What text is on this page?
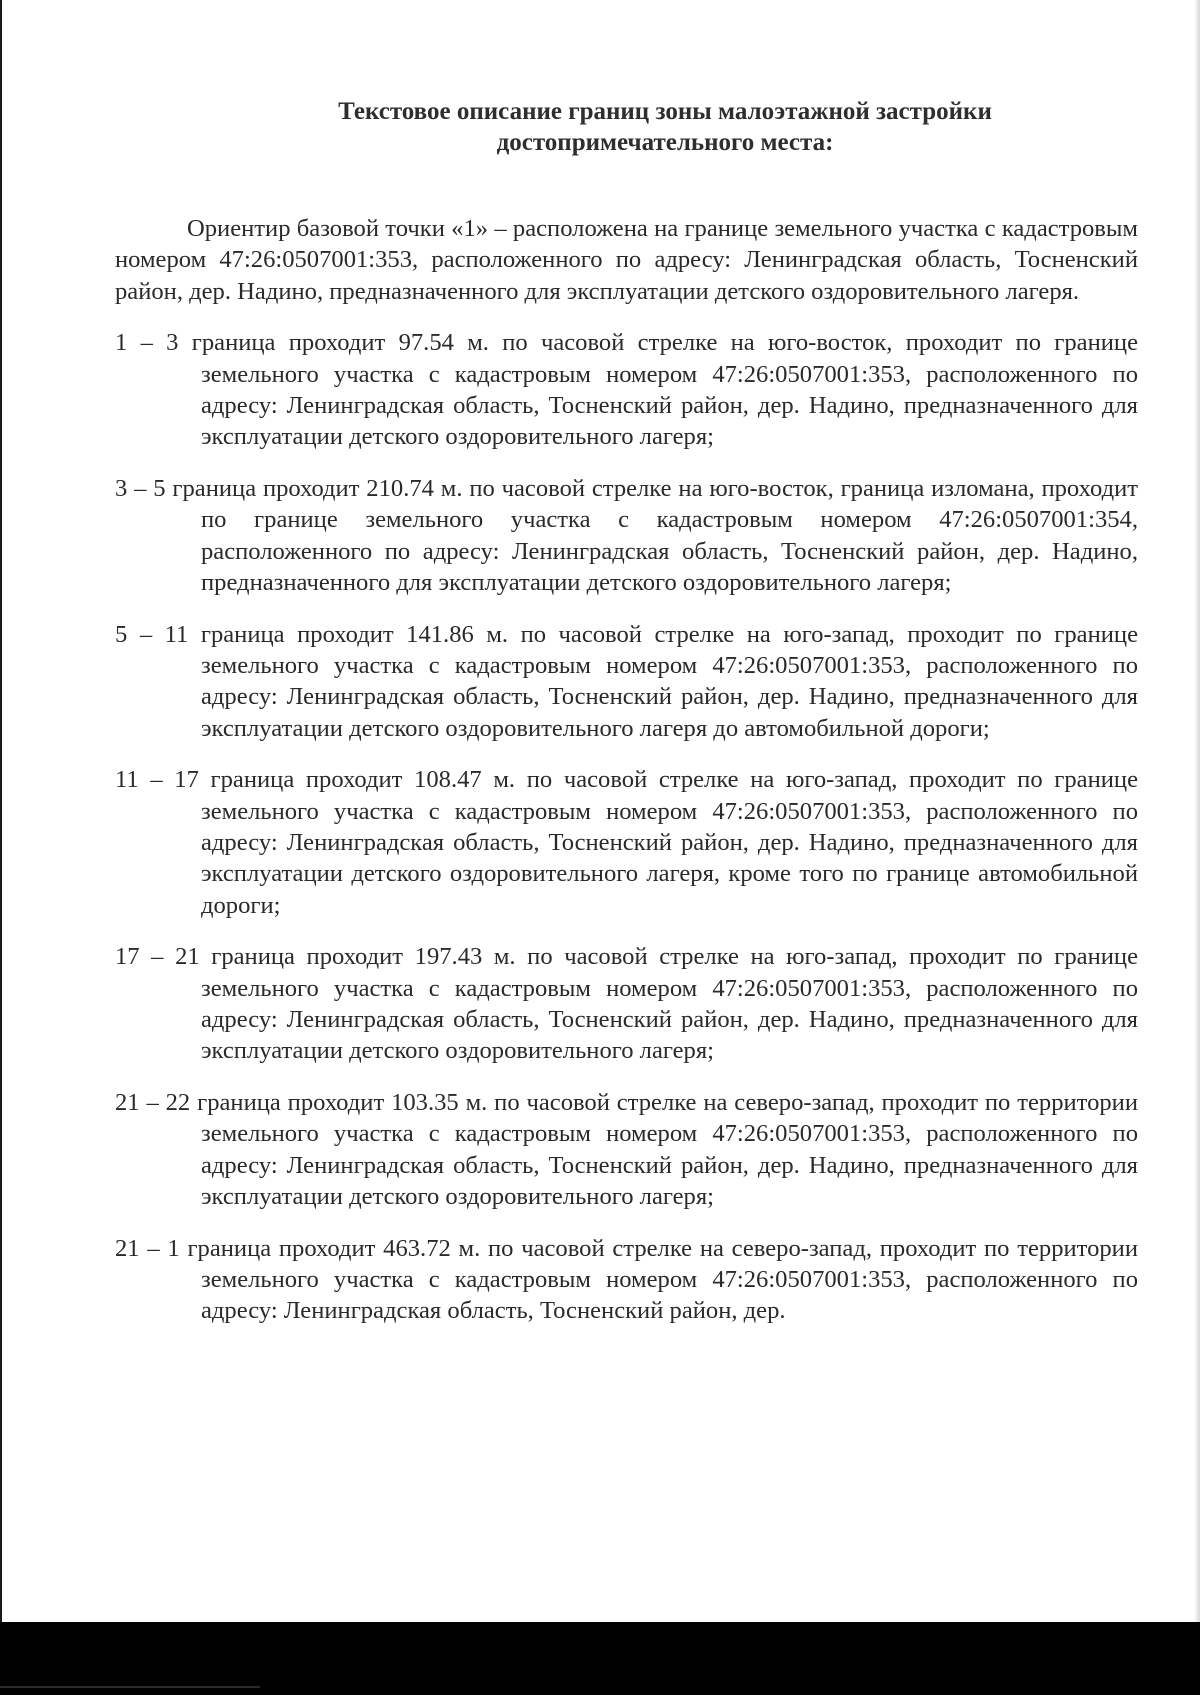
Текстовое описание границ зоны малоэтажной застройки
достопримечательного места:

Ориентир базовой точки «1» – расположена на границе земельного участка с кадастровым номером 47:26:0507001:353, расположенного по адресу: Ленинградская область, Тосненский район, дер. Надино, предназначенного для эксплуатации детского оздоровительного лагеря.

1 – 3 граница проходит 97.54 м. по часовой стрелке на юго-восток, проходит по границе земельного участка с кадастровым номером 47:26:0507001:353, расположенного по адресу: Ленинградская область, Тосненский район, дер. Надино, предназначенного для эксплуатации детского оздоровительного лагеря;

3 – 5 граница проходит 210.74 м. по часовой стрелке на юго-восток, граница изломана, проходит по границе земельного участка с кадастровым номером 47:26:0507001:354, расположенного по адресу: Ленинградская область, Тосненский район, дер. Надино, предназначенного для эксплуатации детского оздоровительного лагеря;

5 – 11 граница проходит 141.86 м. по часовой стрелке на юго-запад, проходит по границе земельного участка с кадастровым номером 47:26:0507001:353, расположенного по адресу: Ленинградская область, Тосненский район, дер. Надино, предназначенного для эксплуатации детского оздоровительного лагеря до автомобильной дороги;

11 – 17 граница проходит 108.47 м. по часовой стрелке на юго-запад, проходит по границе земельного участка с кадастровым номером 47:26:0507001:353, расположенного по адресу: Ленинградская область, Тосненский район, дер. Надино, предназначенного для эксплуатации детского оздоровительного лагеря, кроме того по границе автомобильной дороги;

17 – 21 граница проходит 197.43 м. по часовой стрелке на юго-запад, проходит по границе земельного участка с кадастровым номером 47:26:0507001:353, расположенного по адресу: Ленинградская область, Тосненский район, дер. Надино, предназначенного для эксплуатации детского оздоровительного лагеря;

21 – 22 граница проходит 103.35 м. по часовой стрелке на северо-запад, проходит по территории земельного участка с кадастровым номером 47:26:0507001:353, расположенного по адресу: Ленинградская область, Тосненский район, дер. Надино, предназначенного для эксплуатации детского оздоровительного лагеря;

21 – 1 граница проходит 463.72 м. по часовой стрелке на северо-запад, проходит по территории земельного участка с кадастровым номером 47:26:0507001:353, расположенного по адресу: Ленинградская область, Тосненский район, дер.
